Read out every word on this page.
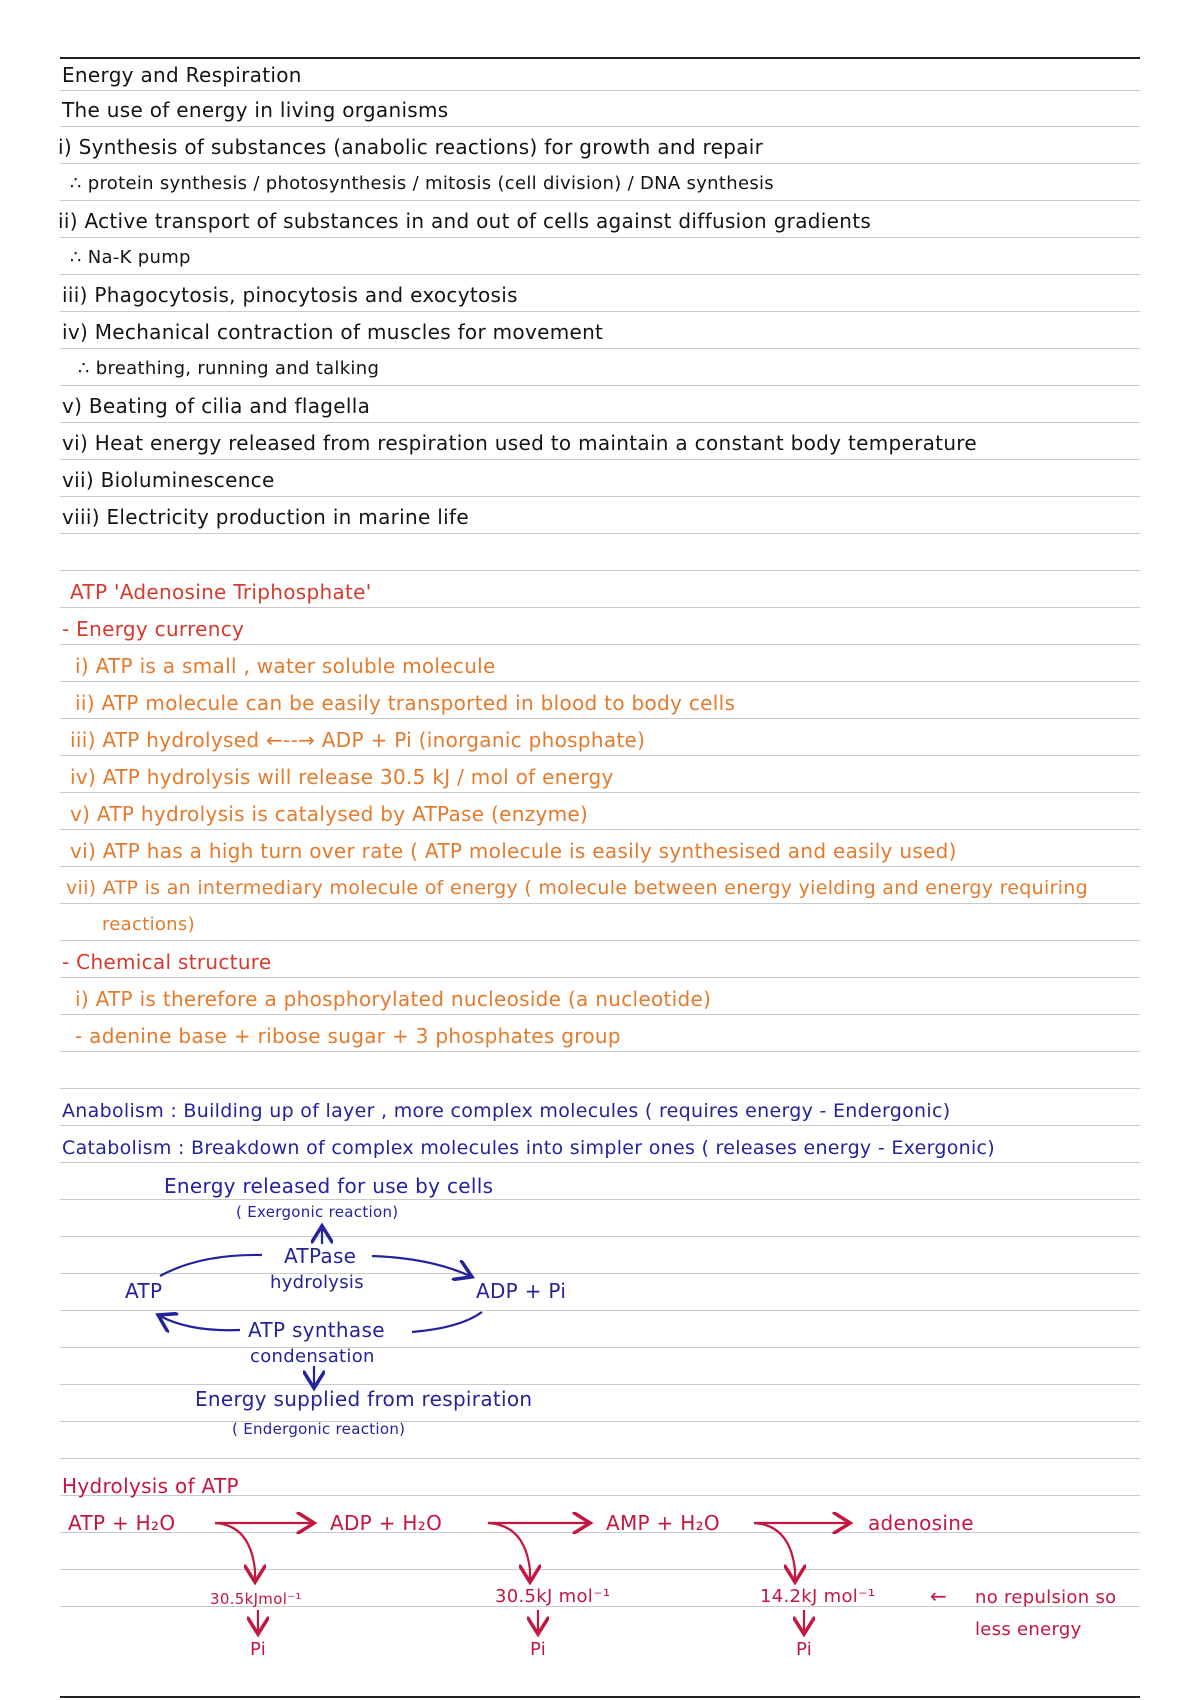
Energy and Respiration
The use of energy in living organisms
i) Synthesis of substances (anabolic reactions) for growth and repair
∴ protein synthesis / photosynthesis / mitosis (cell division) / DNA synthesis
ii) Active transport of substances in and out of cells against diffusion gradients
∴ Na-K pump
iii) Phagocytosis, pinocytosis and exocytosis
iv) Mechanical contraction of muscles for movement
∴ breathing, running and talking
v) Beating of cilia and flagella
vi) Heat energy released from respiration used to maintain a constant body temperature
vii) Bioluminescence
viii) Electricity production in marine life
ATP 'Adenosine Triphosphate'
- Energy currency
i) ATP is a small , water soluble molecule
ii) ATP molecule can be easily transported in blood to body cells
iii) ATP hydrolysed ←--→ ADP + Pi (inorganic phosphate)
iv) ATP hydrolysis will release 30.5 kJ / mol of energy
v) ATP hydrolysis is catalysed by ATPase (enzyme)
vi) ATP has a high turn over rate ( ATP molecule is easily synthesised and easily used)
vii) ATP is an intermediary molecule of energy ( molecule between energy yielding and energy requiring
reactions)
- Chemical structure
i) ATP is therefore a phosphorylated nucleoside (a nucleotide)
- adenine base + ribose sugar + 3 phosphates group
Anabolism : Building up of layer , more complex molecules ( requires energy - Endergonic)
Catabolism : Breakdown of complex molecules into simpler ones ( releases energy - Exergonic)
Energy released for use by cells
( Exergonic reaction)
ATP
ATPase
hydrolysis	ADP + Pi
ATP synthase
condensation
Energy supplied from respiration
( Endergonic reaction)
Hydrolysis of ATP
ATP + H₂O	ADP + H₂O	AMP + H₂O	adenosine
30.5kJmol⁻¹	30.5kJ mol⁻¹	14.2kJ mol⁻¹	← no repulsion so
less energy
Pi	Pi	Pi
